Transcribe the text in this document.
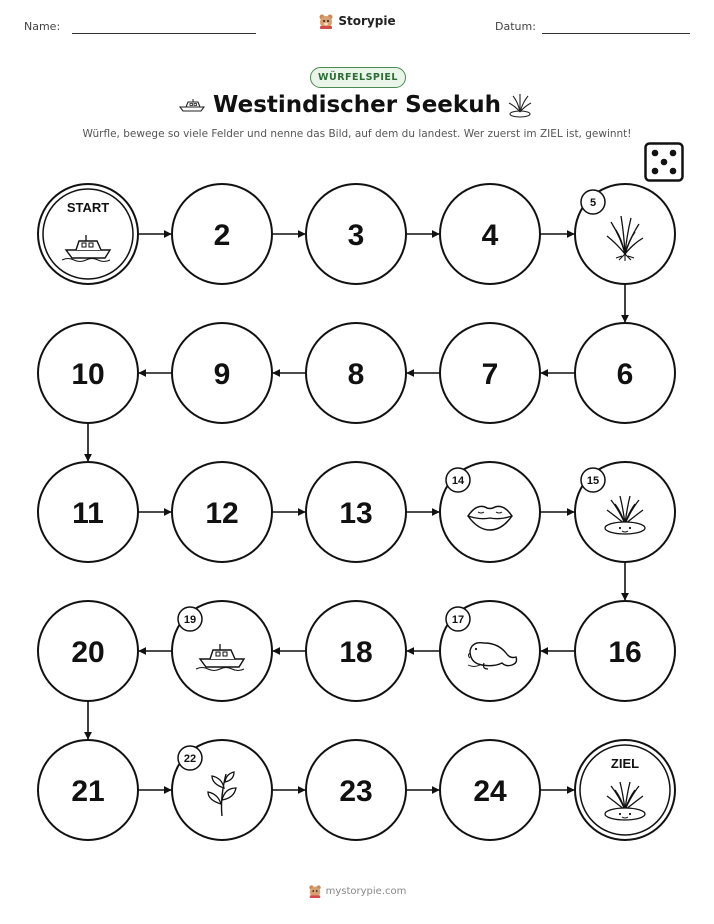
Name:	Storypie	Datum:
WÜRFELSPIEL
Westindischer Seekuh
Würfle, bewege so viele Felder und nenne das Bild, auf dem du landest. Wer zuerst im ZIEL ist, gewinnt!
START
2	3	4
5
6
7
8
9
10
11	12	13
14	15
16
17
18
19
20
21
22
23	24
ZIEL
mystorypie.com
